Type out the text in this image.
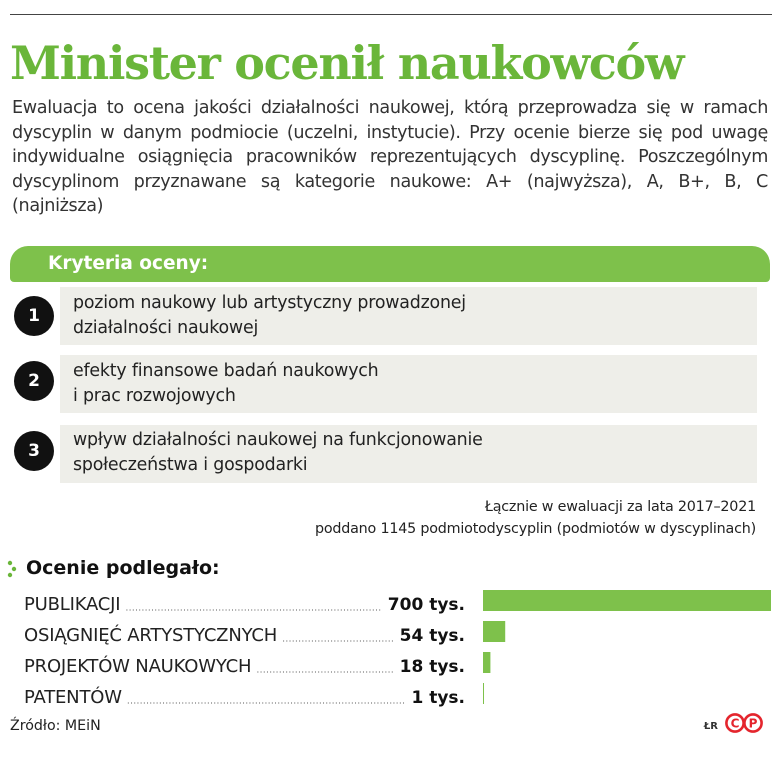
Minister ocenił naukowców

Ewaluacja to ocena jakości działalności naukowej, którą przeprowadza się w ramach dyscyplin w danym podmiocie (uczelni, instytucie). Przy ocenie bierze się pod uwagę indywidualne osiągnięcia pracowników reprezentujących dyscyplinę. Poszczególnym dyscyplinom przyznawane są kategorie naukowe: A+ (najwyższa), A, B+, B, C (najniższa)

Kryteria oceny:
1
poziom naukowy lub artystyczny prowadzonej
działalności naukowej
2	efekty finansowe badań naukowych
i prac rozwojowych
3
wpływ działalności naukowej na funkcjonowanie
społeczeństwa i gospodarki
Łącznie w ewaluacji za lata 2017–2021
poddano 1145 podmiotodyscyplin (podmiotów w dyscyplinach)
Ocenie podlegało:
PUBLIKACJI	700 tys.
OSIĄGNIĘĆ ARTYSTYCZNYCH	54 tys.
PROJEKTÓW NAUKOWYCH	18 tys.
PATENTÓW	1 tys.
Źródło: MEiN	ŁR C P
